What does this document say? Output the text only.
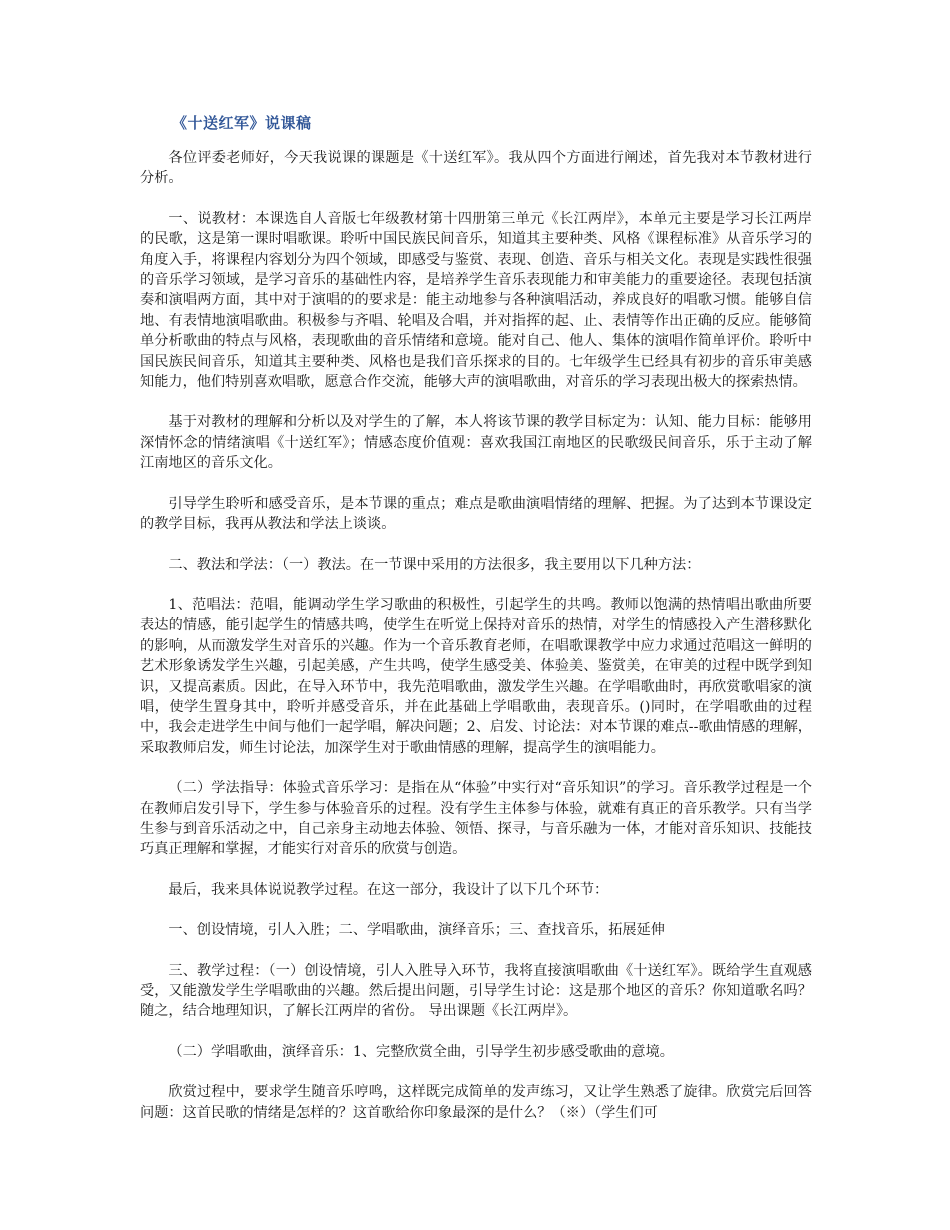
《十送红军》说课稿

各位评委老师好，今天我说课的课题是《十送红军》。我从四个方面进行阐述，首先我对本节教材进行分析。

一、说教材：本课选自人音版七年级教材第十四册第三单元《长江两岸》，本单元主要是学习长江两岸的民歌，这是第一课时唱歌课。聆听中国民族民间音乐，知道其主要种类、风格《课程标准》从音乐学习的角度入手，将课程内容划分为四个领域，即感受与鉴赏、表现、创造、音乐与相关文化。表现是实践性很强的音乐学习领域，是学习音乐的基础性内容，是培养学生音乐表现能力和审美能力的重要途径。表现包括演奏和演唱两方面，其中对于演唱的的要求是：能主动地参与各种演唱活动，养成良好的唱歌习惯。能够自信地、有表情地演唱歌曲。积极参与齐唱、轮唱及合唱，并对指挥的起、止、表情等作出正确的反应。能够简单分析歌曲的特点与风格，表现歌曲的音乐情绪和意境。能对自己、他人、集体的演唱作简单评价。聆听中国民族民间音乐，知道其主要种类、风格也是我们音乐探求的目的。七年级学生已经具有初步的音乐审美感知能力，他们特别喜欢唱歌，愿意合作交流，能够大声的演唱歌曲，对音乐的学习表现出极大的探索热情。

基于对教材的理解和分析以及对学生的了解，本人将该节课的教学目标定为：认知、能力目标：能够用深情怀念的情绪演唱《十送红军》；情感态度价值观：喜欢我国江南地区的民歌级民间音乐，乐于主动了解江南地区的音乐文化。

引导学生聆听和感受音乐，是本节课的重点；难点是歌曲演唱情绪的理解、把握。为了达到本节课设定的教学目标，我再从教法和学法上谈谈。

二、教法和学法：（一）教法。在一节课中采用的方法很多，我主要用以下几种方法：

1、范唱法：范唱，能调动学生学习歌曲的积极性，引起学生的共鸣。教师以饱满的热情唱出歌曲所要表达的情感，能引起学生的情感共鸣，使学生在听觉上保持对音乐的热情，对学生的情感投入产生潜移默化的影响，从而激发学生对音乐的兴趣。作为一个音乐教育老师，在唱歌课教学中应力求通过范唱这一鲜明的艺术形象诱发学生兴趣，引起美感，产生共鸣，使学生感受美、体验美、鉴赏美，在审美的过程中既学到知识，又提高素质。因此，在导入环节中，我先范唱歌曲，激发学生兴趣。在学唱歌曲时，再欣赏歌唱家的演唱，使学生置身其中，聆听并感受音乐，并在此基础上学唱歌曲，表现音乐。()同时，在学唱歌曲的过程中，我会走进学生中间与他们一起学唱，解决问题；2、启发、讨论法：对本节课的难点--歌曲情感的理解，采取教师启发，师生讨论法，加深学生对于歌曲情感的理解，提高学生的演唱能力。

（二）学法指导：体验式音乐学习：是指在从“体验”中实行对“音乐知识”的学习。音乐教学过程是一个在教师启发引导下，学生参与体验音乐的过程。没有学生主体参与体验，就难有真正的音乐教学。只有当学生参与到音乐活动之中，自己亲身主动地去体验、领悟、探寻，与音乐融为一体，才能对音乐知识、技能技巧真正理解和掌握，才能实行对音乐的欣赏与创造。

最后，我来具体说说教学过程。在这一部分，我设计了以下几个环节：

一、创设情境，引人入胜；二、学唱歌曲，演绎音乐；三、查找音乐，拓展延伸

三、教学过程：（一）创设情境，引人入胜导入环节，我将直接演唱歌曲《十送红军》。既给学生直观感受，又能激发学生学唱歌曲的兴趣。然后提出问题，引导学生讨论：这是那个地区的音乐？你知道歌名吗？随之，结合地理知识，了解长江两岸的省份。 导出课题《长江两岸》。

（二）学唱歌曲，演绎音乐：1、完整欣赏全曲，引导学生初步感受歌曲的意境。

欣赏过程中，要求学生随音乐哼鸣，这样既完成简单的发声练习，又让学生熟悉了旋律。欣赏完后回答问题：这首民歌的情绪是怎样的？这首歌给你印象最深的是什么？（※）（学生们可
